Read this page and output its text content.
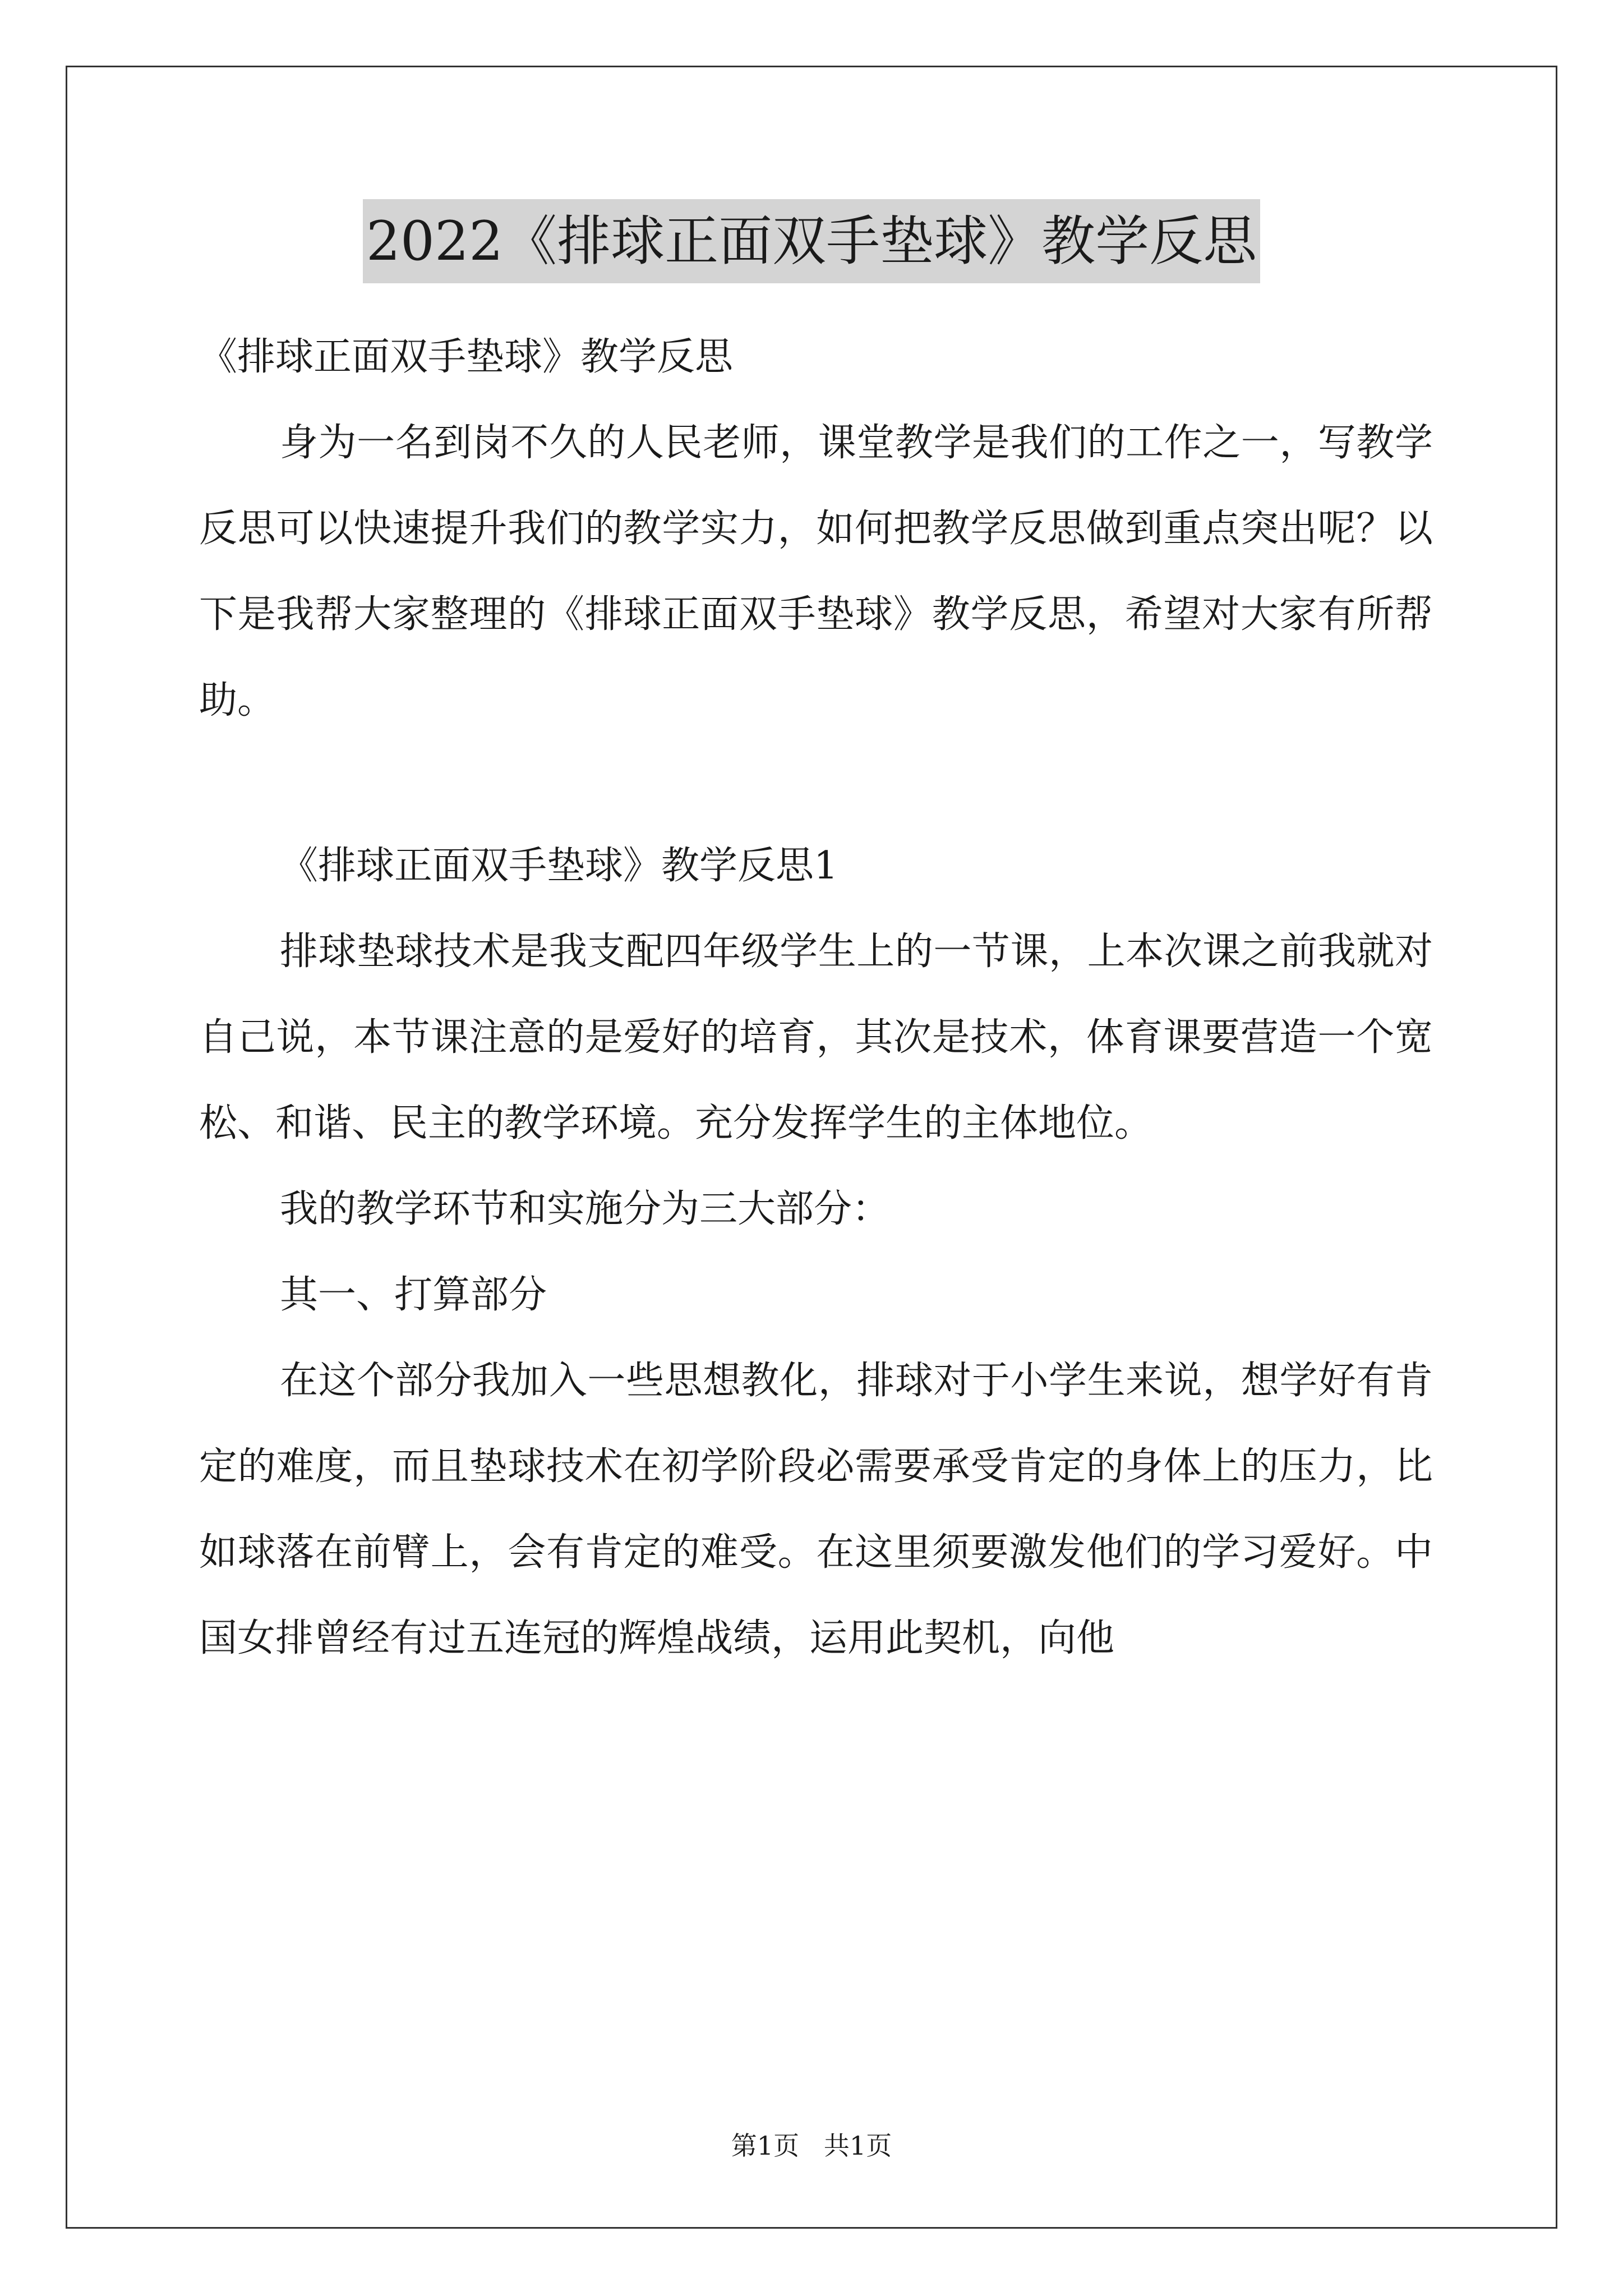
2022《排球正面双手垫球》教学反思

《排球正面双手垫球》教学反思

身为一名到岗不久的人民老师，课堂教学是我们的工作之一，写教学反思可以快速提升我们的教学实力，如何把教学反思做到重点突出呢？以下是我帮大家整理的《排球正面双手垫球》教学反思，希望对大家有所帮助。

《排球正面双手垫球》教学反思1

排球垫球技术是我支配四年级学生上的一节课，上本次课之前我就对自己说，本节课注意的是爱好的培育，其次是技术，体育课要营造一个宽松、和谐、民主的教学环境。充分发挥学生的主体地位。

我的教学环节和实施分为三大部分：

其一、打算部分

在这个部分我加入一些思想教化，排球对于小学生来说，想学好有肯定的难度，而且垫球技术在初学阶段必需要承受肯定的身体上的压力，比如球落在前臂上，会有肯定的难受。在这里须要激发他们的学习爱好。中国女排曾经有过五连冠的辉煌战绩，运用此契机，向他

第1页   共1页
